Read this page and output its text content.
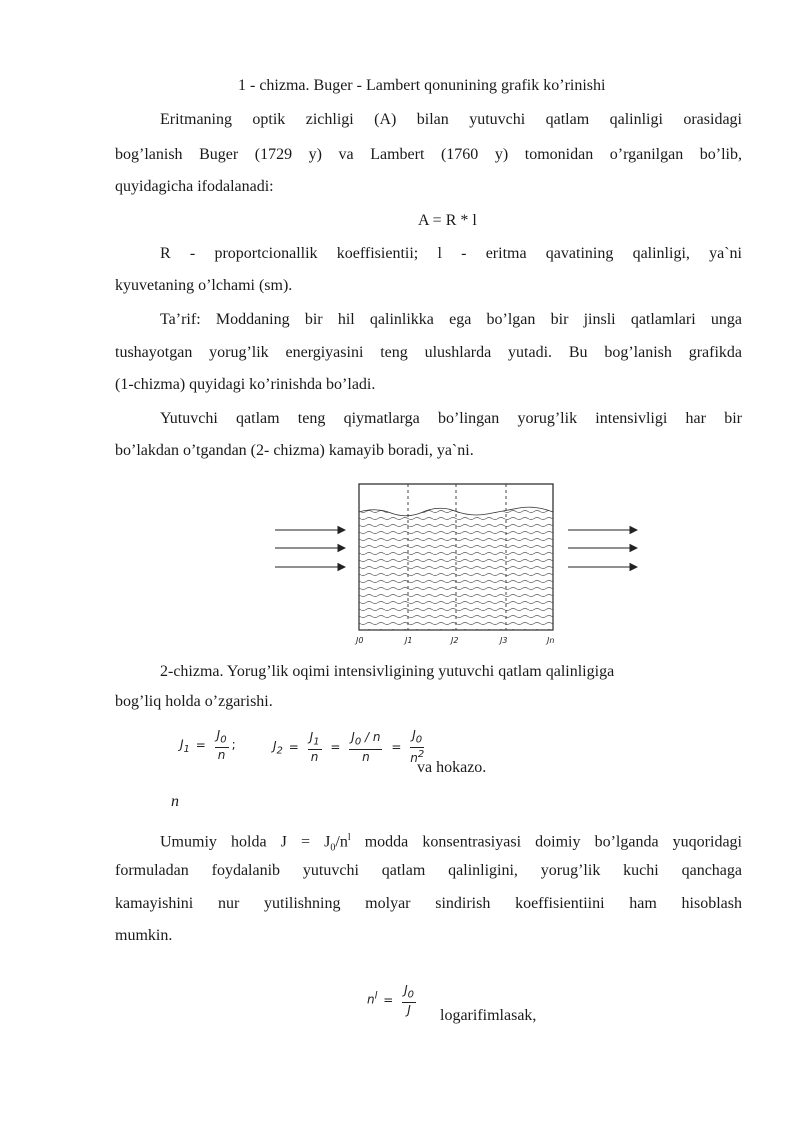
1 - chizma. Buger - Lambert qonunining grafik ko’rinishi
Eritmaning optik zichligi (A) bilan yutuvchi qatlam qalinligi orasidagi
bog’lanish Buger (1729 y) va Lambert (1760 y) tomonidan o’rganilgan bo’lib,
quyidagicha ifodalanadi:
A = R * l
R - proportcionallik koeffisientii; l - eritma qavatining qalinligi, ya`ni
kyuvetaning o’lchami (sm).
Ta’rif: Moddaning bir hil qalinlikka ega bo’lgan bir jinsli qatlamlari unga
tushayotgan yorug’lik energiyasini teng ulushlarda yutadi. Bu bog’lanish grafikda
(1-chizma) quyidagi ko’rinishda bo’ladi.
Yutuvchi qatlam teng qiymatlarga bo’lingan yorug’lik intensivligi har bir
bo’lakdan o’tgandan (2- chizma) kamayib boradi, ya`ni.
J0	J1	J2	J3	Jn
2-chizma. Yorug’lik oqimi intensivligining yutuvchi qatlam qalinligiga
bog’liq holda o’zgarishi.
$J_1 = \frac{J_0}{n}$ ;	$J_2 = \frac{J_1}{n} = \frac{J_0 / n}{n} = \frac{J_0}{n^2}$
va hokazo.
n
Umumiy holda $J = J_0/n^l$ modda konsentrasiyasi doimiy bo’lganda yuqoridagi
formuladan foydalanib yutuvchi qatlam qalinligini, yorug’lik kuchi qanchaga
kamayishini nur yutilishning molyar sindirish koeffisientiini ham hisoblash
mumkin.
$n^l = \frac{J_0}{J}$ logarifimlasak,
